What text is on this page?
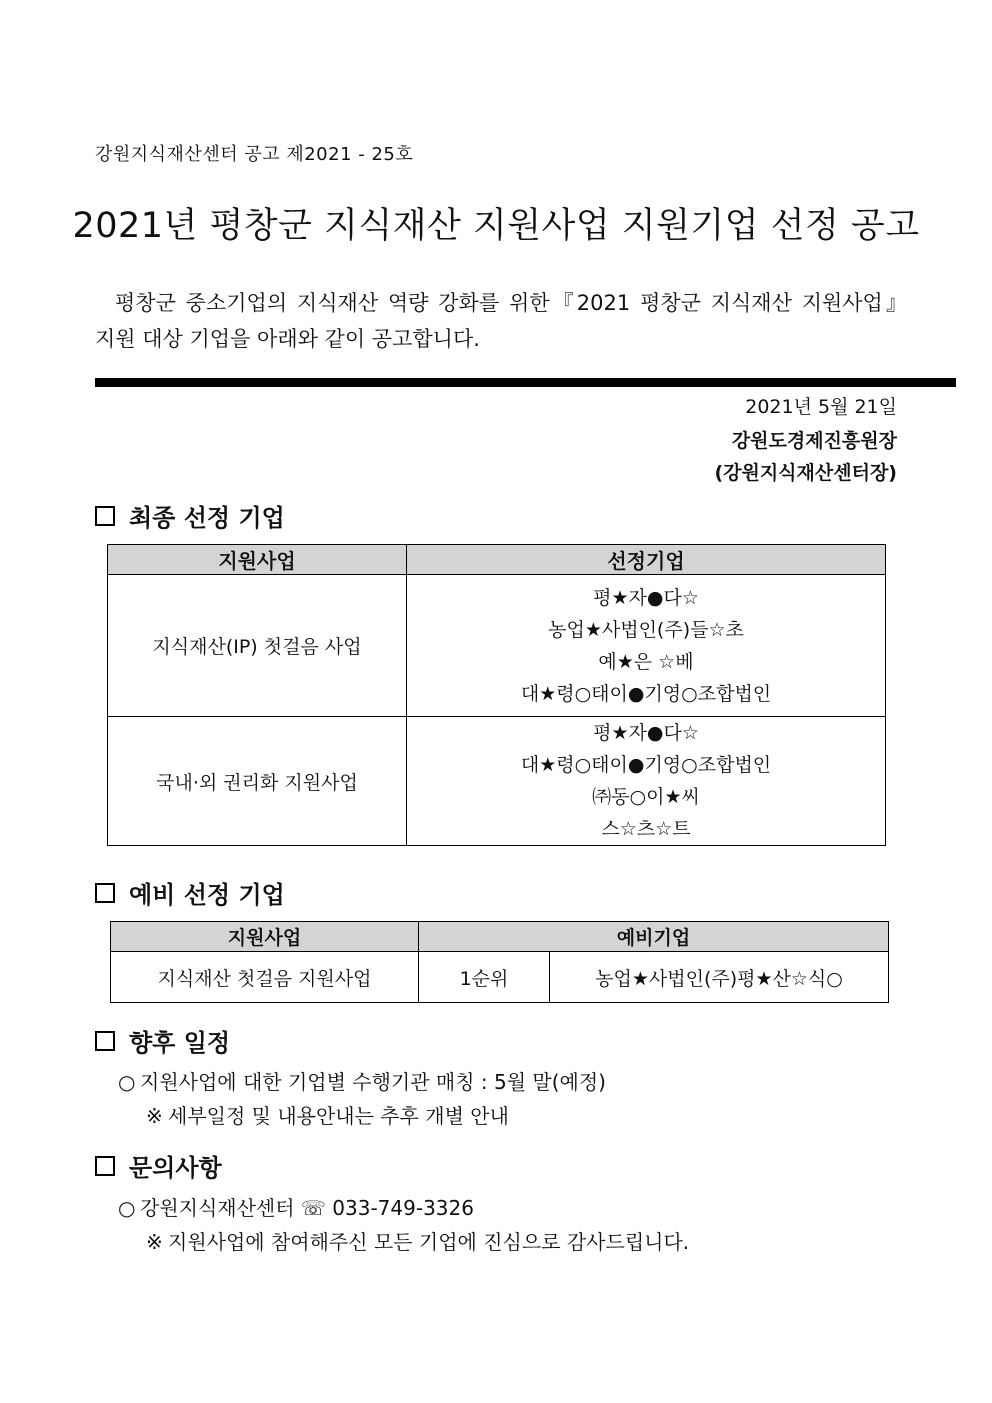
강원지식재산센터 공고 제2021 - 25호
2021년 평창군 지식재산 지원사업 지원기업 선정 공고
평창군 중소기업의 지식재산 역량 강화를 위한『2021 평창군 지식재산 지원사업』
지원 대상 기업을 아래와 같이 공고합니다.
2021년 5월 21일
강원도경제진흥원장
(강원지식재산센터장)
최종 선정 기업
지원사업	선정기업
지식재산(IP) 첫걸음 사업	평★자●다☆
농업★사법인(주)들☆초
예★은 ☆베
대★령○태이●기영○조합법인

국내·외 권리화 지원사업	평★자●다☆
대★령○태이●기영○조합법인
㈜동○이★씨
스☆츠☆트
예비 선정 기업
지원사업	예비기업	
지식재산 첫걸음 지원사업	1순위	농업★사법인(주)평★산☆식○
향후 일정
○ 지원사업에 대한 기업별 수행기관 매칭 : 5월 말(예정)
※ 세부일정 및 내용안내는 추후 개별 안내
문의사항
○ 강원지식재산센터 ☏ 033-749-3326
※ 지원사업에 참여해주신 모든 기업에 진심으로 감사드립니다.
